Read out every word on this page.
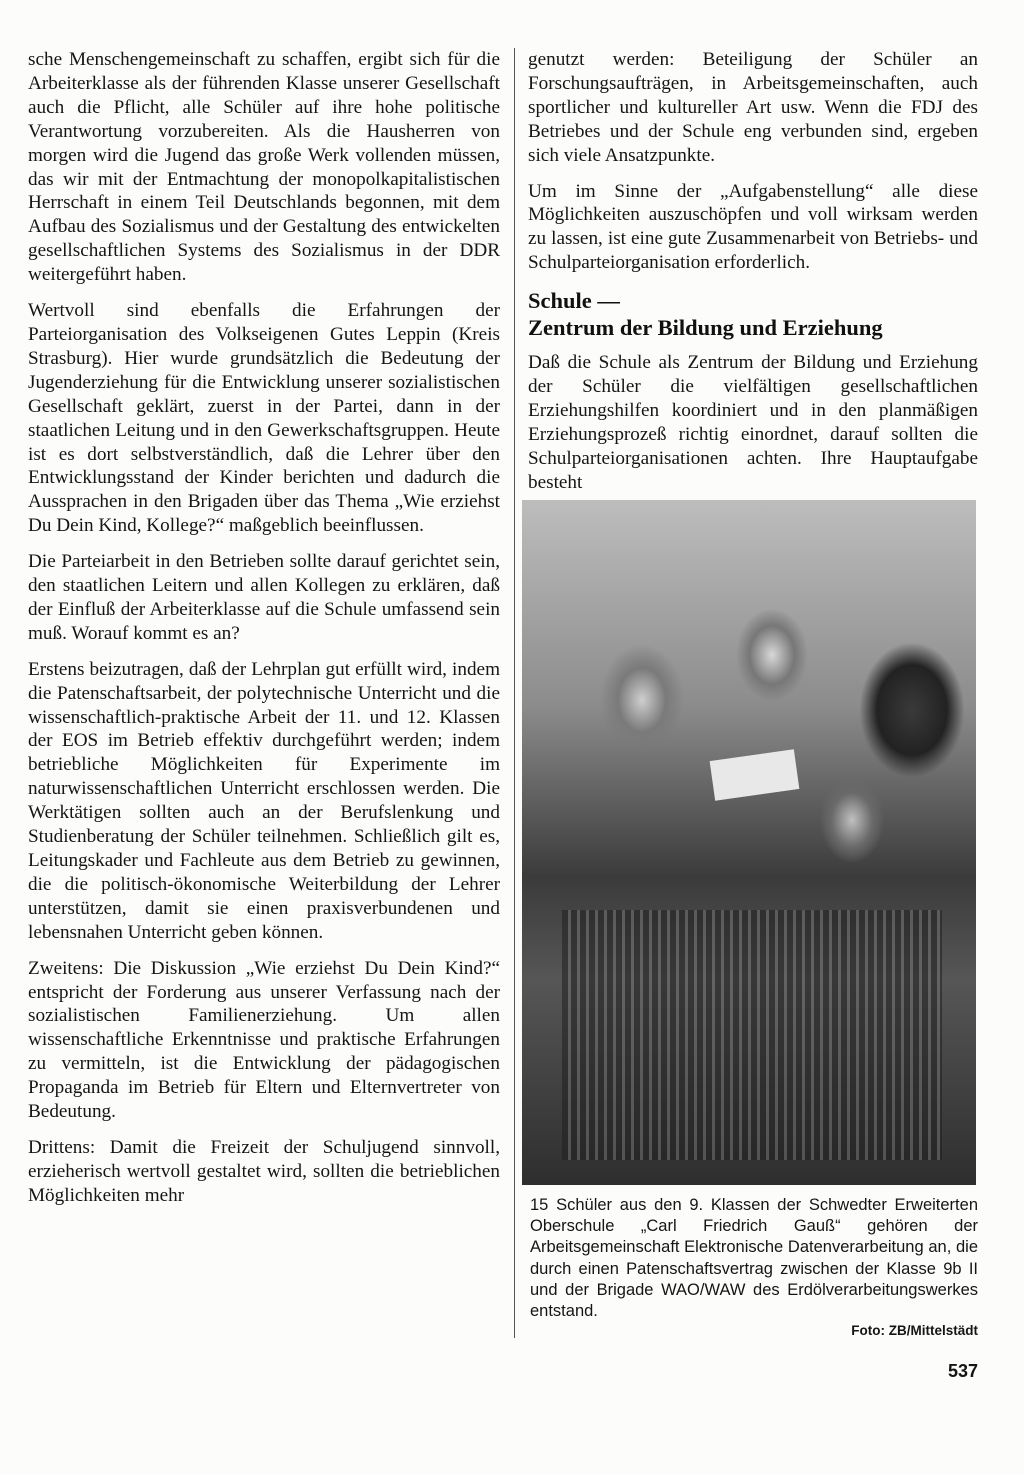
sche Menschengemeinschaft zu schaffen, ergibt sich für die Arbeiterklasse als der führenden Klasse unserer Gesellschaft auch die Pflicht, alle Schüler auf ihre hohe politische Verantwortung vorzubereiten. Als die Hausherren von morgen wird die Jugend das große Werk vollenden müssen, das wir mit der Entmachtung der monopolkapitalistischen Herrschaft in einem Teil Deutschlands begonnen, mit dem Aufbau des Sozialismus und der Gestaltung des entwickelten gesellschaftlichen Systems des Sozialismus in der DDR weitergeführt haben.

Wertvoll sind ebenfalls die Erfahrungen der Parteiorganisation des Volkseigenen Gutes Leppin (Kreis Strasburg). Hier wurde grundsätzlich die Bedeutung der Jugenderziehung für die Entwicklung unserer sozialistischen Gesellschaft geklärt, zuerst in der Partei, dann in der staatlichen Leitung und in den Gewerkschaftsgruppen. Heute ist es dort selbstverständlich, daß die Lehrer über den Entwicklungsstand der Kinder berichten und dadurch die Aussprachen in den Brigaden über das Thema „Wie erziehst Du Dein Kind, Kollege?“ maßgeblich beeinflussen.

Die Parteiarbeit in den Betrieben sollte darauf gerichtet sein, den staatlichen Leitern und allen Kollegen zu erklären, daß der Einfluß der Arbeiterklasse auf die Schule umfassend sein muß. Worauf kommt es an?

Erstens beizutragen, daß der Lehrplan gut erfüllt wird, indem die Patenschaftsarbeit, der polytechnische Unterricht und die wissenschaftlich-praktische Arbeit der 11. und 12. Klassen der EOS im Betrieb effektiv durchgeführt werden; indem betriebliche Möglichkeiten für Experimente im naturwissenschaftlichen Unterricht erschlossen werden. Die Werktätigen sollten auch an der Berufslenkung und Studienberatung der Schüler teilnehmen. Schließlich gilt es, Leitungskader und Fachleute aus dem Betrieb zu gewinnen, die die politisch-ökonomische Weiterbildung der Lehrer unterstützen, damit sie einen praxisverbundenen und lebensnahen Unterricht geben können.

Zweitens: Die Diskussion „Wie erziehst Du Dein Kind?“ entspricht der Forderung aus unserer Verfassung nach der sozialistischen Familienerziehung. Um allen wissenschaftliche Erkenntnisse und praktische Erfahrungen zu vermitteln, ist die Entwicklung der pädagogischen Propaganda im Betrieb für Eltern und Elternvertreter von Bedeutung.

Drittens: Damit die Freizeit der Schuljugend sinnvoll, erzieherisch wertvoll gestaltet wird, sollten die betrieblichen Möglichkeiten mehr

genutzt werden: Beteiligung der Schüler an Forschungsaufträgen, in Arbeitsgemeinschaften, auch sportlicher und kultureller Art usw. Wenn die FDJ des Betriebes und der Schule eng verbunden sind, ergeben sich viele Ansatzpunkte.

Um im Sinne der „Aufgabenstellung“ alle diese Möglichkeiten auszuschöpfen und voll wirksam werden zu lassen, ist eine gute Zusammenarbeit von Betriebs- und Schulparteiorganisation erforderlich.

Schule —
Zentrum der Bildung und Erziehung

Daß die Schule als Zentrum der Bildung und Erziehung der Schüler die vielfältigen gesellschaftlichen Erziehungshilfen koordiniert und in den planmäßigen Erziehungsprozeß richtig einordnet, darauf sollten die Schulparteiorganisationen achten. Ihre Hauptaufgabe besteht

15 Schüler aus den 9. Klassen der Schwedter Erweiterten Oberschule „Carl Friedrich Gauß“ gehören der Arbeitsgemeinschaft Elektronische Datenverarbeitung an, die durch einen Patenschaftsvertrag zwischen der Klasse 9b II und der Brigade WAO/WAW des Erdölverarbeitungswerkes entstand.

Foto: ZB/Mittelstädt
537
